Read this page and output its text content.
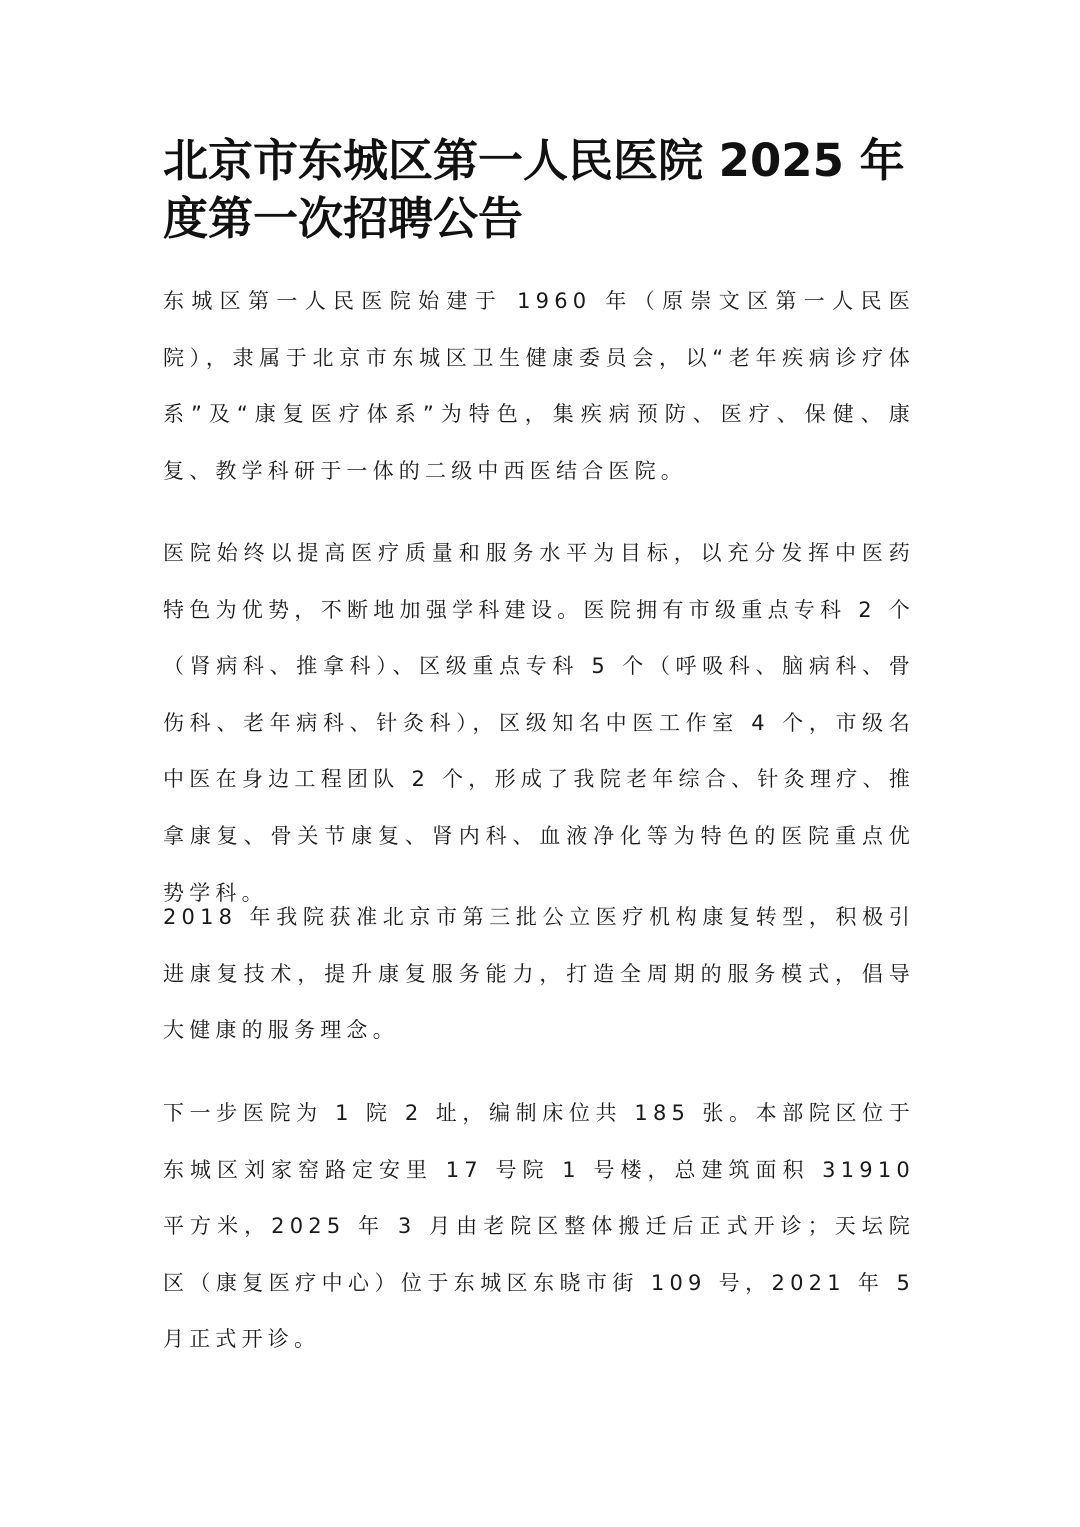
北京市东城区第一人民医院 2025 年度第一次招聘公告

东城区第一人民医院始建于 1960 年（原崇文区第一人民医院），隶属于北京市东城区卫生健康委员会，以“老年疾病诊疗体系”及“康复医疗体系”为特色，集疾病预防、医疗、保健、康复、教学科研于一体的二级中西医结合医院。

医院始终以提高医疗质量和服务水平为目标，以充分发挥中医药特色为优势，不断地加强学科建设。医院拥有市级重点专科 2 个（肾病科、推拿科）、区级重点专科 5 个（呼吸科、脑病科、骨伤科、老年病科、针灸科），区级知名中医工作室 4 个，市级名中医在身边工程团队 2 个，形成了我院老年综合、针灸理疗、推拿康复、骨关节康复、肾内科、血液净化等为特色的医院重点优势学科。

2018 年我院获准北京市第三批公立医疗机构康复转型，积极引进康复技术，提升康复服务能力，打造全周期的服务模式，倡导大健康的服务理念。

下一步医院为 1 院 2 址，编制床位共 185 张。本部院区位于东城区刘家窑路定安里 17 号院 1 号楼，总建筑面积 31910 平方米，2025 年 3 月由老院区整体搬迁后正式开诊；天坛院区（康复医疗中心）位于东城区东晓市街 109 号，2021 年 5 月正式开诊。
